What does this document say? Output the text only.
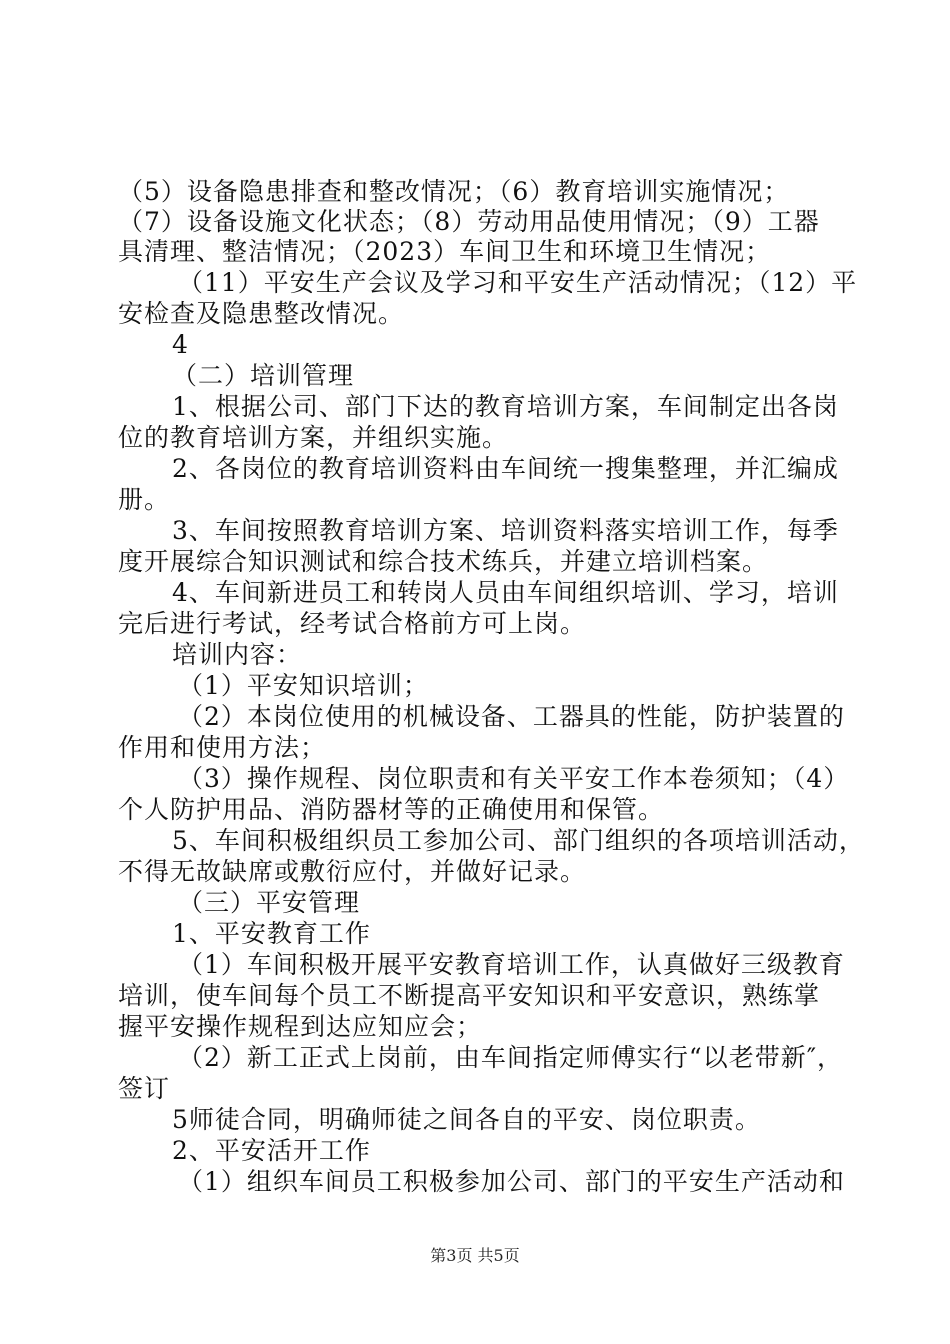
（5）设备隐患排查和整改情况；（6）教育培训实施情况；
（7）设备设施文化状态；（8）劳动用品使用情况；（9）工器
具清理、整洁情况；（2023）车间卫生和环境卫生情况；
（11）平安生产会议及学习和平安生产活动情况；（12）平
安检查及隐患整改情况。
4
（二）培训管理
1、根据公司、部门下达的教育培训方案，车间制定出各岗
位的教育培训方案，并组织实施。
2、各岗位的教育培训资料由车间统一搜集整理，并汇编成
册。
3、车间按照教育培训方案、培训资料落实培训工作，每季
度开展综合知识测试和综合技术练兵，并建立培训档案。
4、车间新进员工和转岗人员由车间组织培训、学习，培训
完后进行考试，经考试合格前方可上岗。
培训内容：
（1）平安知识培训；
（2）本岗位使用的机械设备、工器具的性能，防护装置的
作用和使用方法；
（3）操作规程、岗位职责和有关平安工作本卷须知；（4）
个人防护用品、消防器材等的正确使用和保管。
5、车间积极组织员工参加公司、部门组织的各项培训活动，
不得无故缺席或敷衍应付，并做好记录。
（三）平安管理
1、平安教育工作
（1）车间积极开展平安教育培训工作，认真做好三级教育
培训，使车间每个员工不断提高平安知识和平安意识，熟练掌
握平安操作规程到达应知应会；
（2）新工正式上岗前，由车间指定师傅实行“以老带新″，
签订
5师徒合同，明确师徒之间各自的平安、岗位职责。
2、平安活开工作
（1）组织车间员工积极参加公司、部门的平安生产活动和
第3页 共5页
